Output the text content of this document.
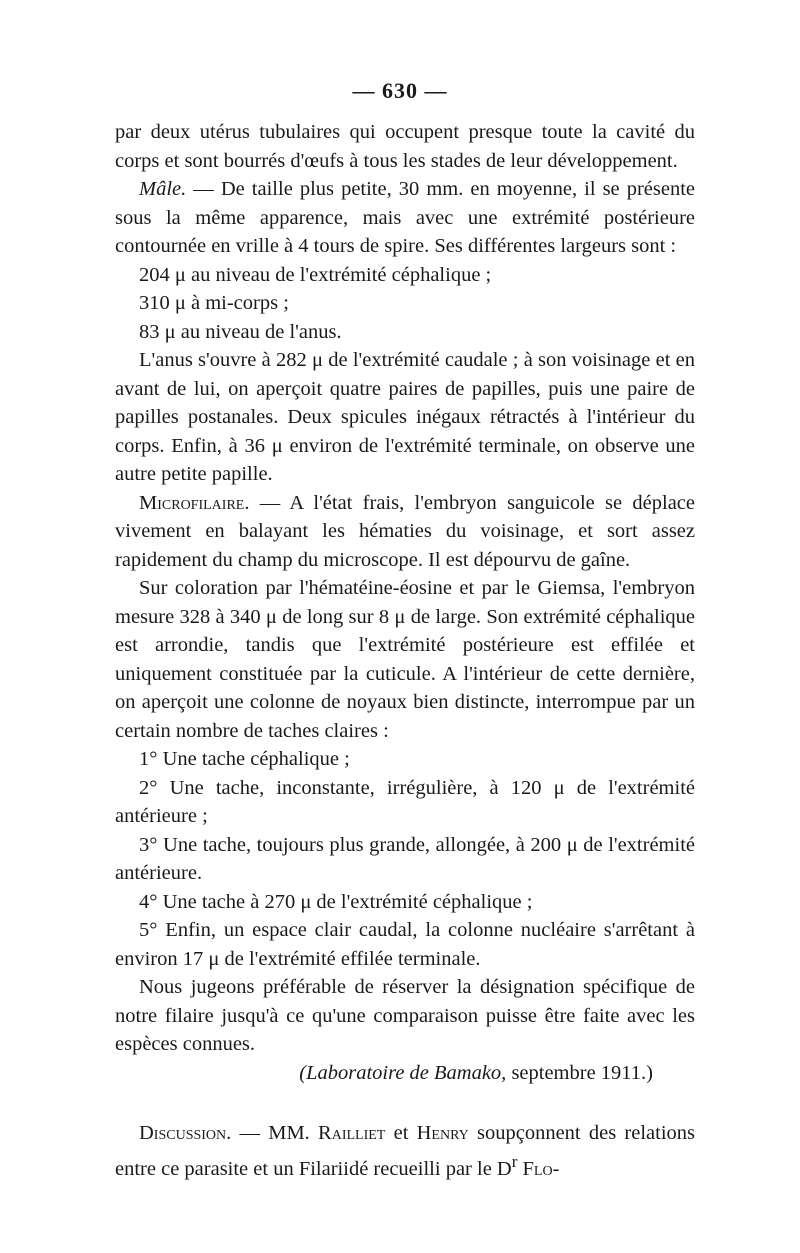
— 630 —

par deux utérus tubulaires qui occupent presque toute la cavité du corps et sont bourrés d'œufs à tous les stades de leur développement.

Mâle. — De taille plus petite, 30 mm. en moyenne, il se présente sous la même apparence, mais avec une extrémité postérieure contournée en vrille à 4 tours de spire. Ses différentes largeurs sont :

204 μ au niveau de l'extrémité céphalique ;

310 μ à mi-corps ;

83 μ au niveau de l'anus.

L'anus s'ouvre à 282 μ de l'extrémité caudale ; à son voisinage et en avant de lui, on aperçoit quatre paires de papilles, puis une paire de papilles postanales. Deux spicules inégaux rétractés à l'intérieur du corps. Enfin, à 36 μ environ de l'extrémité terminale, on observe une autre petite papille.

Microfilaire. — A l'état frais, l'embryon sanguicole se déplace vivement en balayant les hématies du voisinage, et sort assez rapidement du champ du microscope. Il est dépourvu de gaîne.

Sur coloration par l'hématéine-éosine et par le Giemsa, l'embryon mesure 328 à 340 μ de long sur 8 μ de large. Son extrémité céphalique est arrondie, tandis que l'extrémité postérieure est effilée et uniquement constituée par la cuticule. A l'intérieur de cette dernière, on aperçoit une colonne de noyaux bien distincte, interrompue par un certain nombre de taches claires :

1° Une tache céphalique ;

2° Une tache, inconstante, irrégulière, à 120 μ de l'extrémité antérieure ;

3° Une tache, toujours plus grande, allongée, à 200 μ de l'extrémité antérieure.

4° Une tache à 270 μ de l'extrémité céphalique ;

5° Enfin, un espace clair caudal, la colonne nucléaire s'arrêtant à environ 17 μ de l'extrémité effilée terminale.

Nous jugeons préférable de réserver la désignation spécifique de notre filaire jusqu'à ce qu'une comparaison puisse être faite avec les espèces connues.

(Laboratoire de Bamako, septembre 1911.)

Discussion. — MM. Railliet et Henry soupçonnent des relations entre ce parasite et un Filariidé recueilli par le $D^r$ Flo-
